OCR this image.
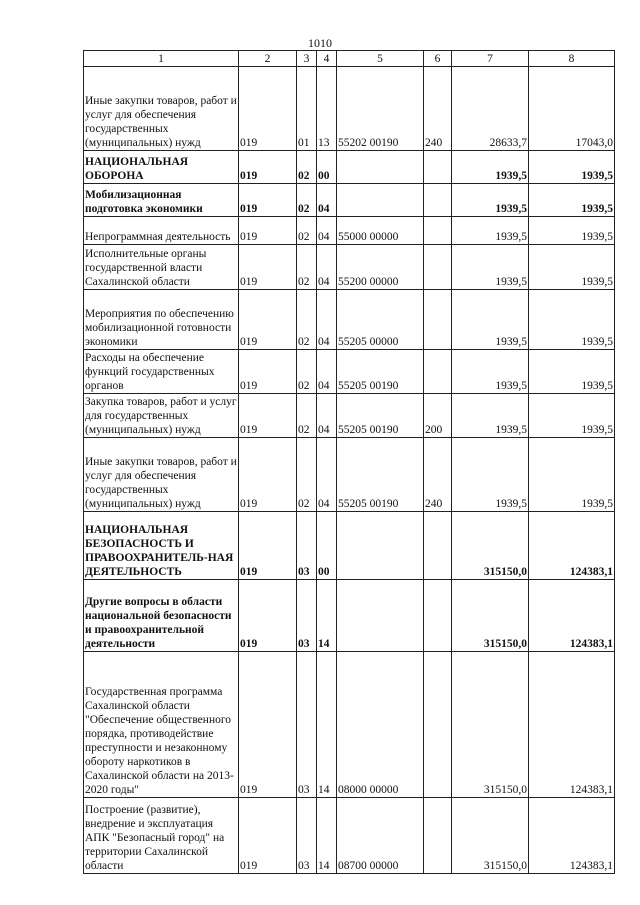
1010
1	2	3	4	5	6	7	8
Иные закупки товаров, работ и услуг для обеспечения государственных (муниципальных) нужд	019	01	13	55202 00190	240	28633,7	17043,0
НАЦИОНАЛЬНАЯ ОБОРОНА	019	02	00			1939,5	1939,5
Мобилизационная подготовка экономики	019	02	04			1939,5	1939,5
Непрограммная деятельность	019	02	04	55000 00000		1939,5	1939,5
Исполнительные органы государственной власти Сахалинской области	019	02	04	55200 00000		1939,5	1939,5
Мероприятия по обеспечению мобилизационной готовности экономики	019	02	04	55205 00000		1939,5	1939,5
Расходы на обеспечение функций государственных органов	019	02	04	55205 00190		1939,5	1939,5
Закупка товаров, работ и услуг для государственных (муниципальных) нужд	019	02	04	55205 00190	200	1939,5	1939,5
Иные закупки товаров, работ и услуг для обеспечения государственных (муниципальных) нужд	019	02	04	55205 00190	240	1939,5	1939,5
НАЦИОНАЛЬНАЯ БЕЗОПАСНОСТЬ И ПРАВООХРАНИТЕЛЬ-НАЯ ДЕЯТЕЛЬНОСТЬ	019	03	00			315150,0	124383,1
Другие вопросы в области национальной безопасности и правоохранительной деятельности	019	03	14			315150,0	124383,1
Государственная программа Сахалинской области "Обеспечение общественного порядка, противодействие преступности и незаконному обороту наркотиков в Сахалинской области на 2013-2020 годы"	019	03	14	08000 00000		315150,0	124383,1
Построение (развитие), внедрение и эксплуатация АПК "Безопасный город" на территории Сахалинской области	019	03	14	08700 00000		315150,0	124383,1
